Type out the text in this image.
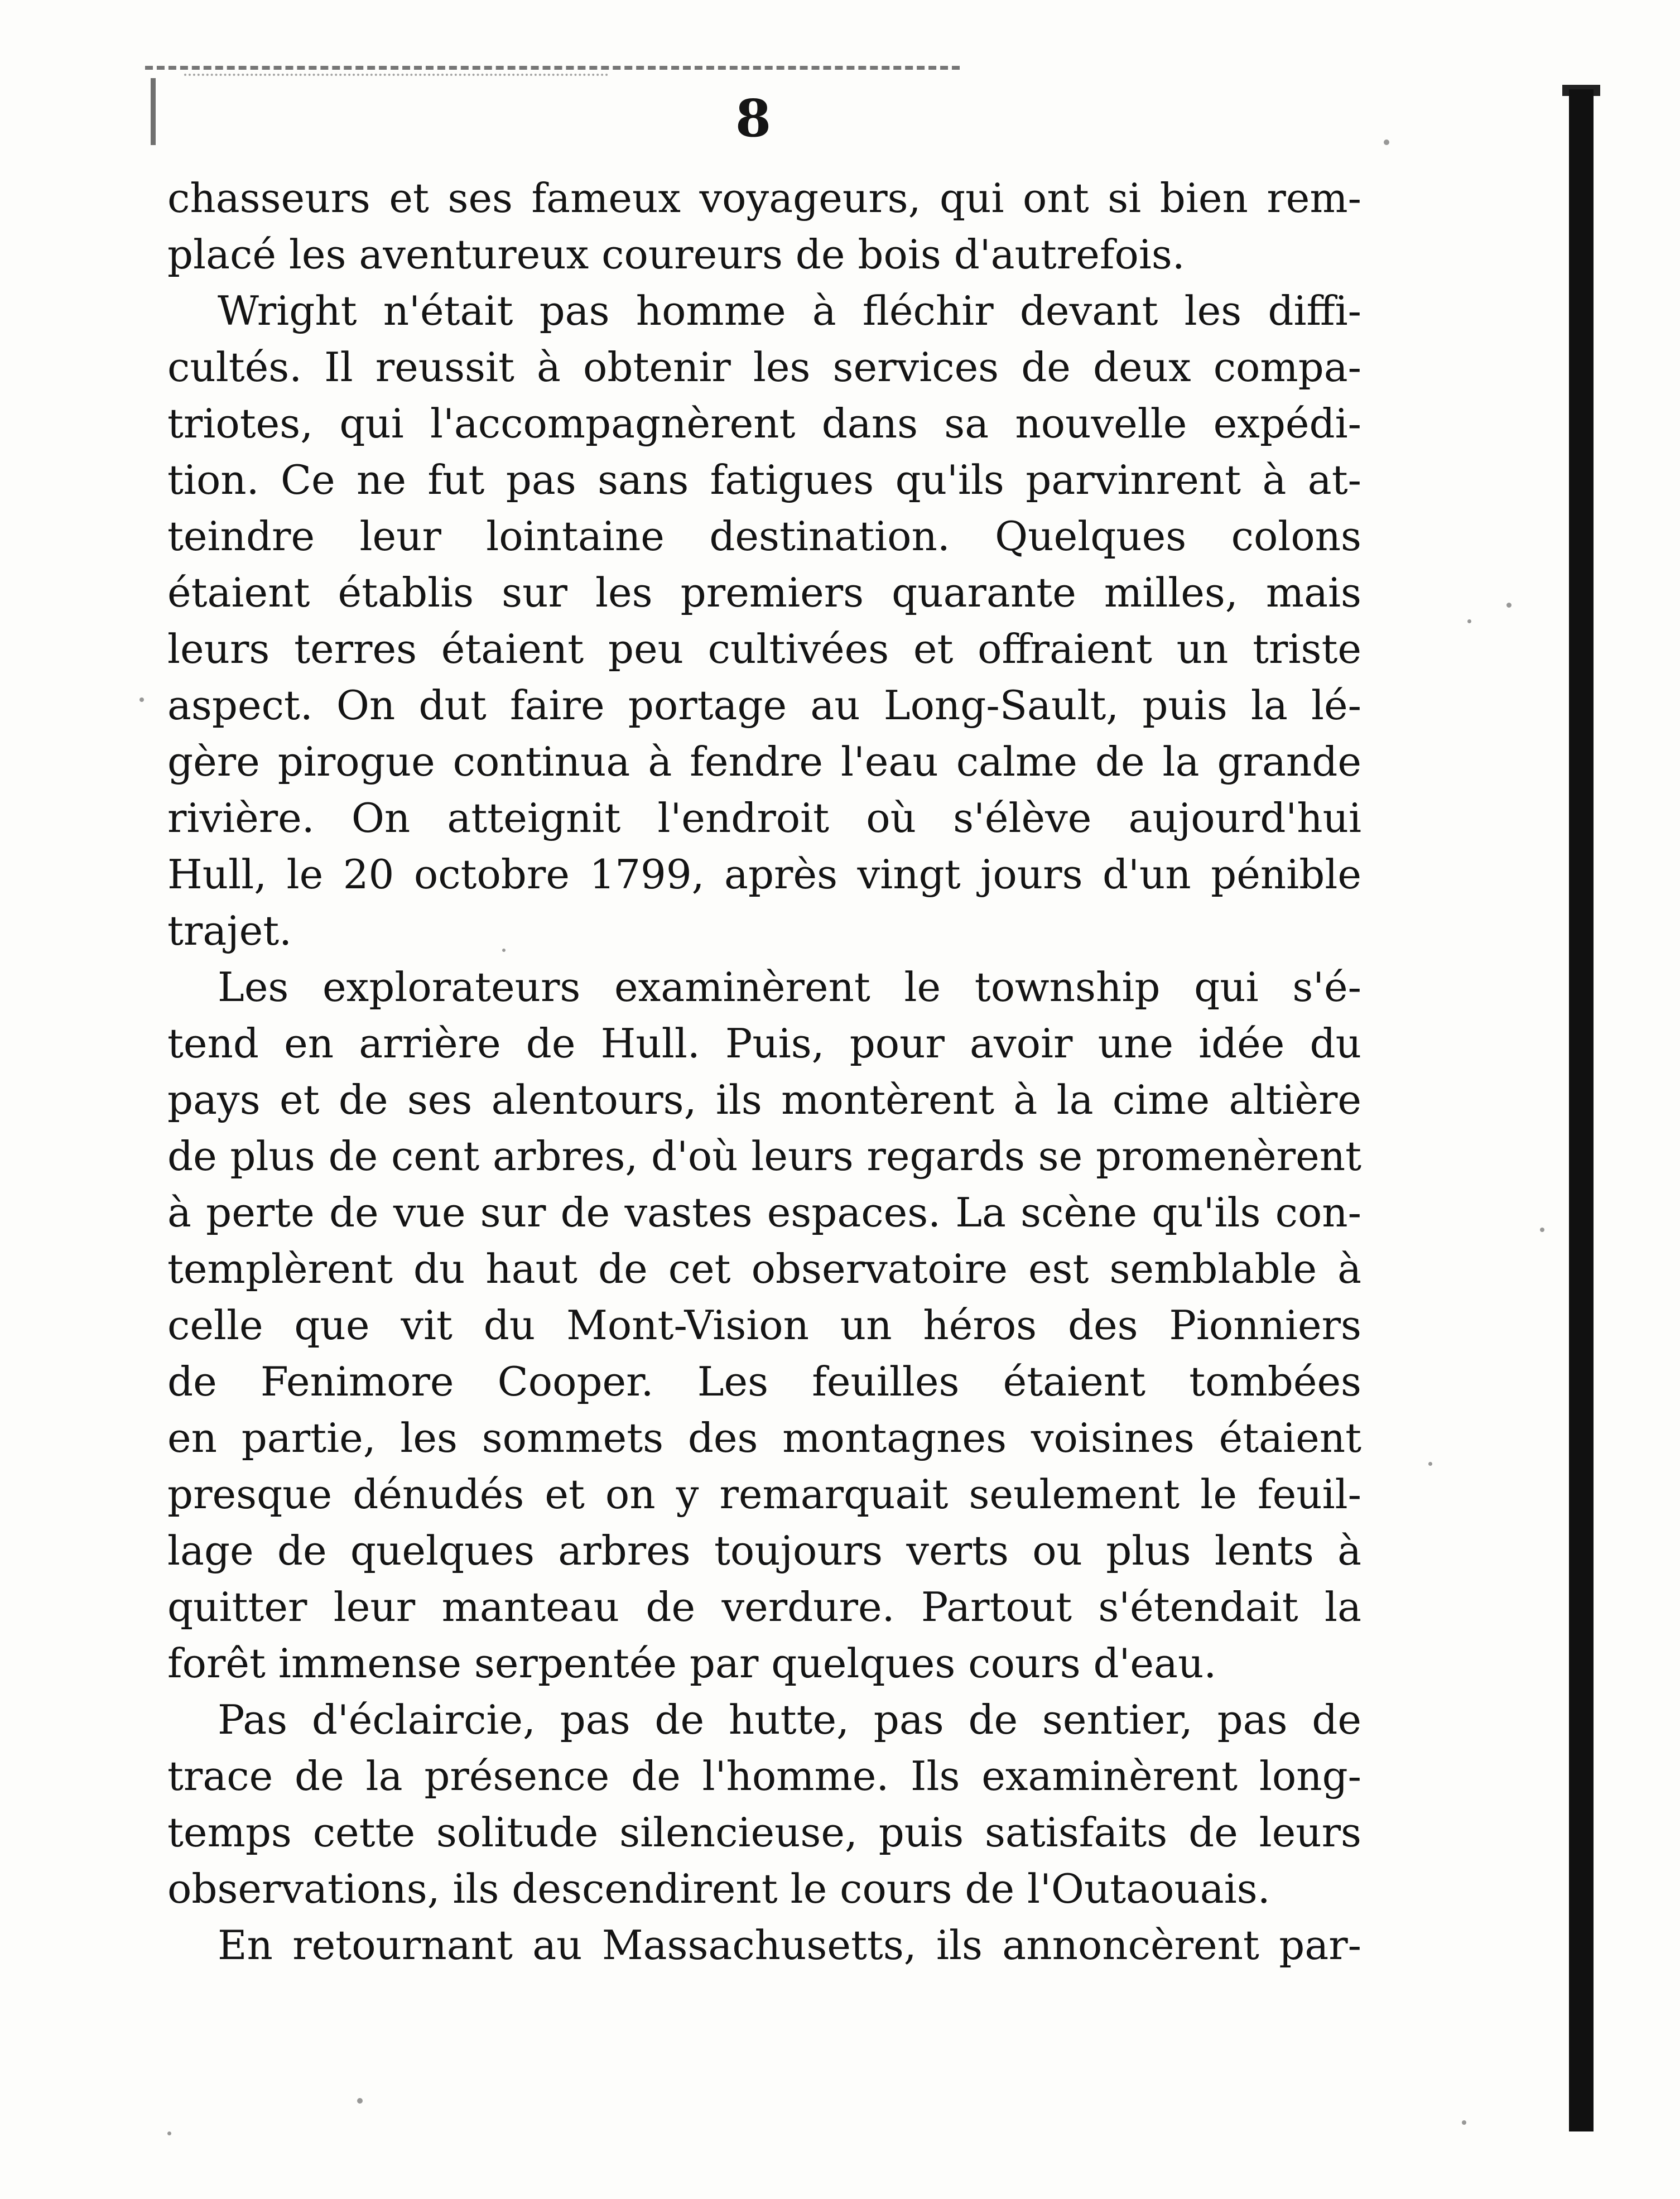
8
chasseurs et ses fameux voyageurs, qui ont si bien rem-
placé les aventureux coureurs de bois d'autrefois.
Wright n'était pas homme à fléchir devant les diffi-
cultés. Il reussit à obtenir les services de deux compa-
triotes, qui l'accompagnèrent dans sa nouvelle expédi-
tion. Ce ne fut pas sans fatigues qu'ils parvinrent à at-
teindre leur lointaine destination. Quelques colons
étaient établis sur les premiers quarante milles, mais
leurs terres étaient peu cultivées et offraient un triste
aspect. On dut faire portage au Long-Sault, puis la lé-
gère pirogue continua à fendre l'eau calme de la grande
rivière. On atteignit l'endroit où s'élève aujourd'hui
Hull, le 20 octobre 1799, après vingt jours d'un pénible
trajet.
Les explorateurs examinèrent le township qui s'é-
tend en arrière de Hull. Puis, pour avoir une idée du
pays et de ses alentours, ils montèrent à la cime altière
de plus de cent arbres, d'où leurs regards se promenèrent
à perte de vue sur de vastes espaces. La scène qu'ils con-
templèrent du haut de cet observatoire est semblable à
celle que vit du Mont-Vision un héros des Pionniers
de Fenimore Cooper. Les feuilles étaient tombées
en partie, les sommets des montagnes voisines étaient
presque dénudés et on y remarquait seulement le feuil-
lage de quelques arbres toujours verts ou plus lents à
quitter leur manteau de verdure. Partout s'étendait la
forêt immense serpentée par quelques cours d'eau.
Pas d'éclaircie, pas de hutte, pas de sentier, pas de
trace de la présence de l'homme. Ils examinèrent long-
temps cette solitude silencieuse, puis satisfaits de leurs
observations, ils descendirent le cours de l'Outaouais.
En retournant au Massachusetts, ils annoncèrent par-
